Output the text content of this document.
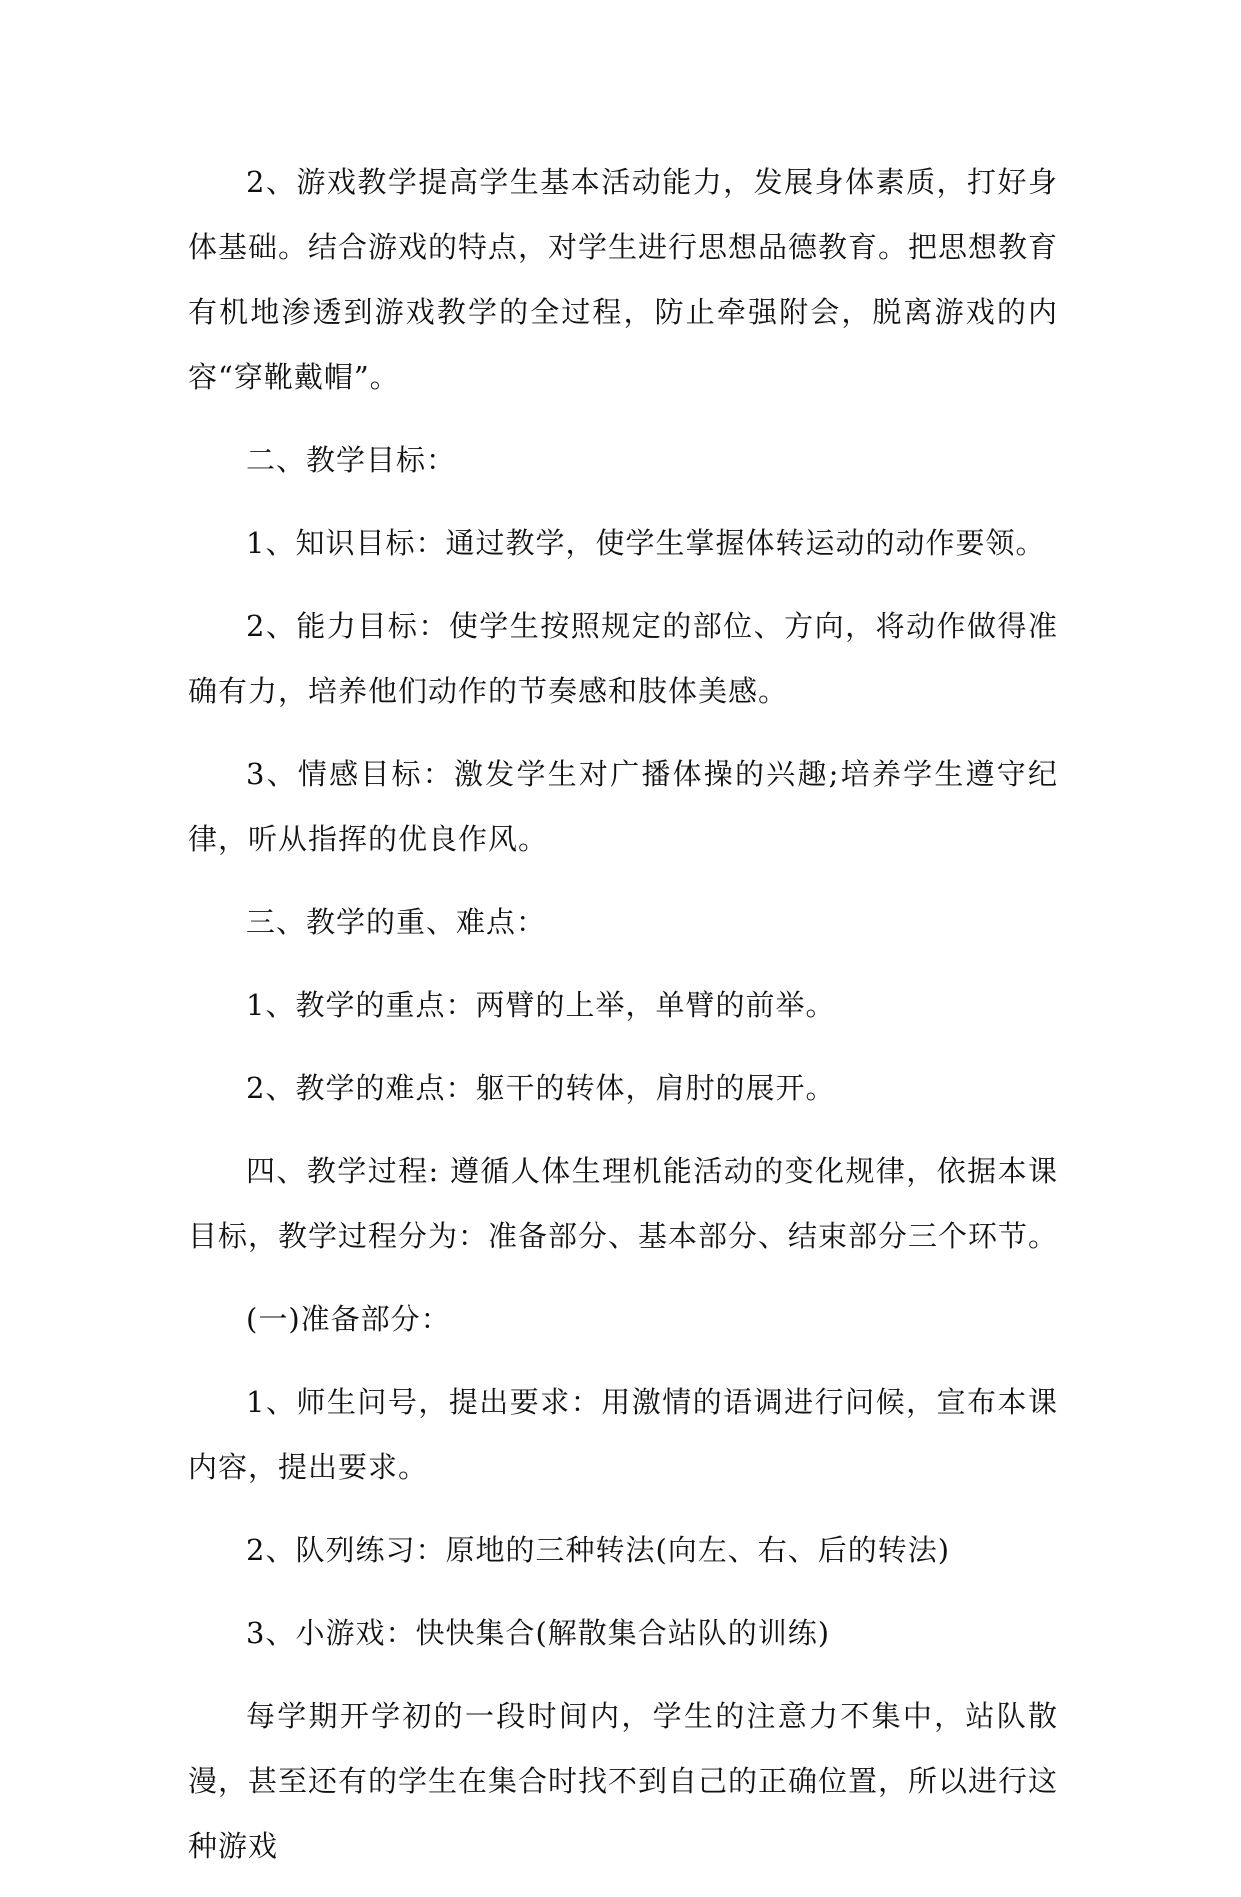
2、游戏教学提高学生基本活动能力，发展身体素质，打好身体基础。结合游戏的特点，对学生进行思想品德教育。把思想教育有机地渗透到游戏教学的全过程，防止牵强附会，脱离游戏的内容“穿靴戴帽”。

二、教学目标：

1、知识目标：通过教学，使学生掌握体转运动的动作要领。

2、能力目标：使学生按照规定的部位、方向，将动作做得准确有力，培养他们动作的节奏感和肢体美感。

3、情感目标：激发学生对广播体操的兴趣;培养学生遵守纪律，听从指挥的优良作风。

三、教学的重、难点：

1、教学的重点：两臂的上举，单臂的前举。

2、教学的难点：躯干的转体，肩肘的展开。

四、教学过程: 遵循人体生理机能活动的变化规律，依据本课目标，教学过程分为：准备部分、基本部分、结束部分三个环节。

(一)准备部分：

1、师生问号，提出要求：用激情的语调进行问候，宣布本课内容，提出要求。

2、队列练习：原地的三种转法(向左、右、后的转法)

3、小游戏：快快集合(解散集合站队的训练)

每学期开学初的一段时间内，学生的注意力不集中，站队散漫，甚至还有的学生在集合时找不到自己的正确位置，所以进行这种游戏
